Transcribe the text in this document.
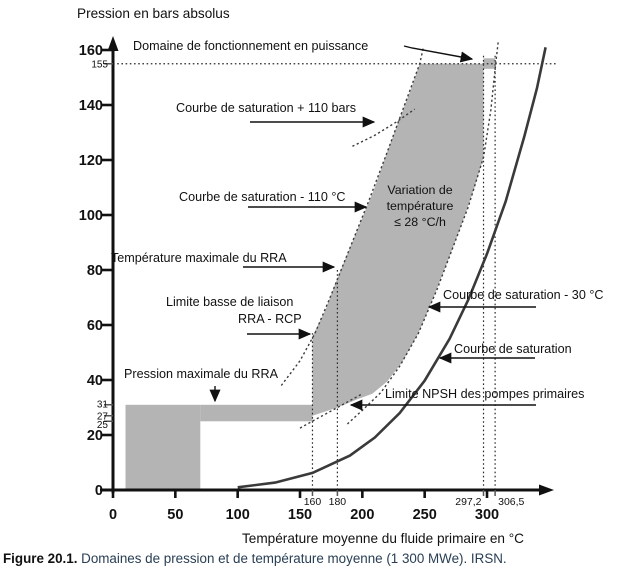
0	50	100	150	200	250	300
0
20
40
60
80
100
120
140
160
160 180	297,2 306,5
155
31
27
25
Pression en bars absolus
Température moyenne du fluide primaire en °C
Domaine de fonctionnement en puissance
Courbe de saturation + 110 bars
Courbe de saturation - 110 °C
Température maximale du RRA
Limite basse de liaison
RRA - RCP
Pression maximale du RRA
Variation de
température
≤ 28 °C/h
Courbe de saturation - 30 °C
Courbe de saturation
Limite NPSH des pompes primaires
Figure 20.1. Domaines de pression et de température moyenne (1 300 MWe). IRSN.
